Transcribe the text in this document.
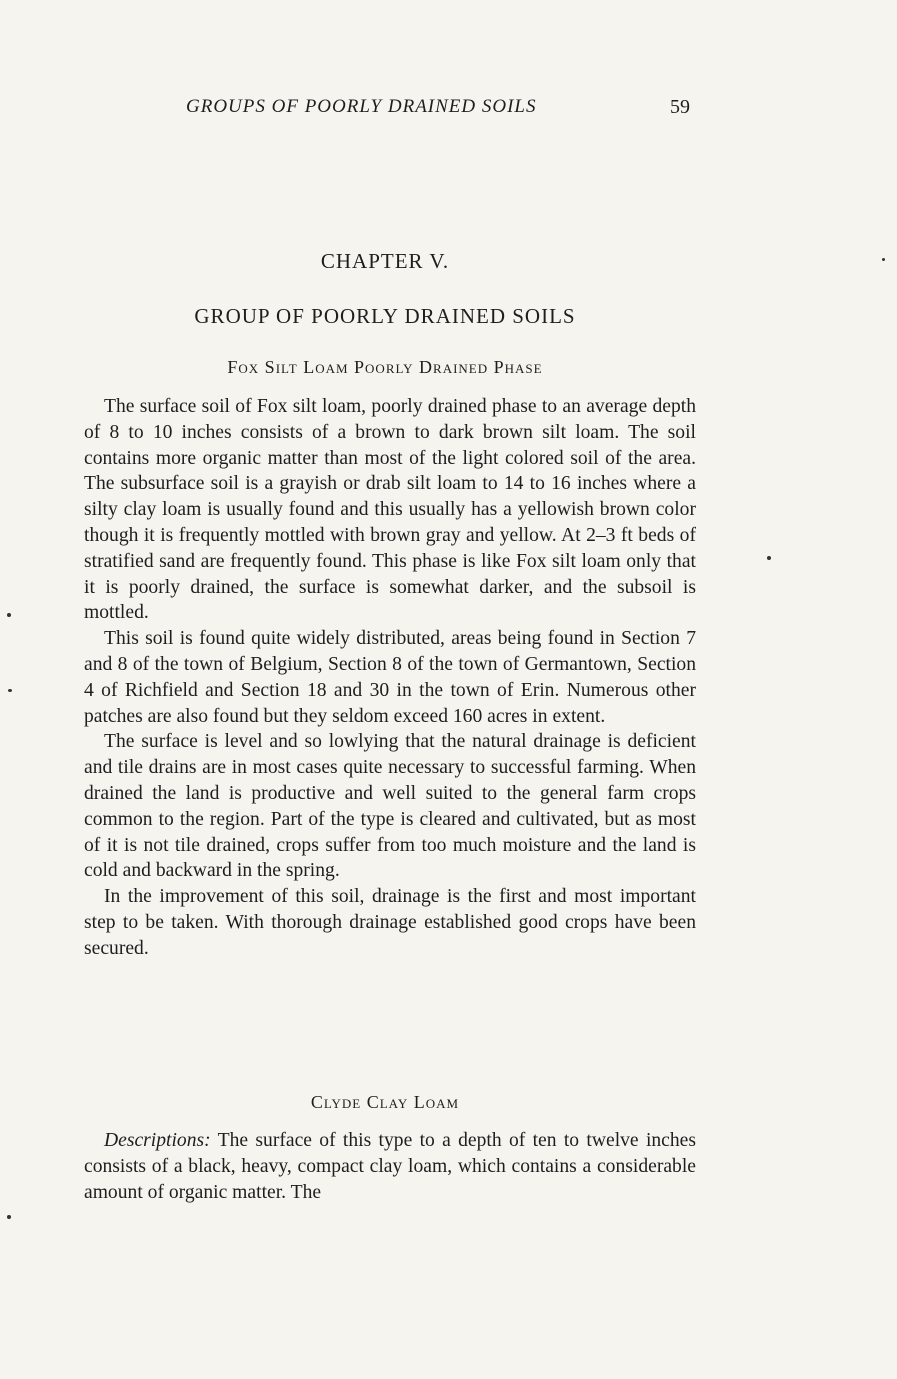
GROUPS OF POORLY DRAINED SOILS	59
CHAPTER V.
GROUP OF POORLY DRAINED SOILS
Fox Silt Loam Poorly Drained Phase

The surface soil of Fox silt loam, poorly drained phase to an average depth of 8 to 10 inches consists of a brown to dark brown silt loam. The soil contains more organic matter than most of the light colored soil of the area. The subsurface soil is a grayish or drab silt loam to 14 to 16 inches where a silty clay loam is usually found and this usually has a yellowish brown color though it is frequently mottled with brown gray and yellow. At 2–3 ft beds of stratified sand are frequently found. This phase is like Fox silt loam only that it is poorly drained, the surface is somewhat darker, and the subsoil is mottled.

This soil is found quite widely distributed, areas being found in Section 7 and 8 of the town of Belgium, Section 8 of the town of Germantown, Section 4 of Richfield and Section 18 and 30 in the town of Erin. Numerous other patches are also found but they seldom exceed 160 acres in extent.

The surface is level and so lowlying that the natural drainage is deficient and tile drains are in most cases quite necessary to successful farming. When drained the land is productive and well suited to the general farm crops common to the region. Part of the type is cleared and cultivated, but as most of it is not tile drained, crops suffer from too much moisture and the land is cold and backward in the spring.

In the improvement of this soil, drainage is the first and most important step to be taken. With thorough drainage established good crops have been secured.

Clyde Clay Loam

Descriptions: The surface of this type to a depth of ten to twelve inches consists of a black, heavy, compact clay loam, which contains a considerable amount of organic matter. The
